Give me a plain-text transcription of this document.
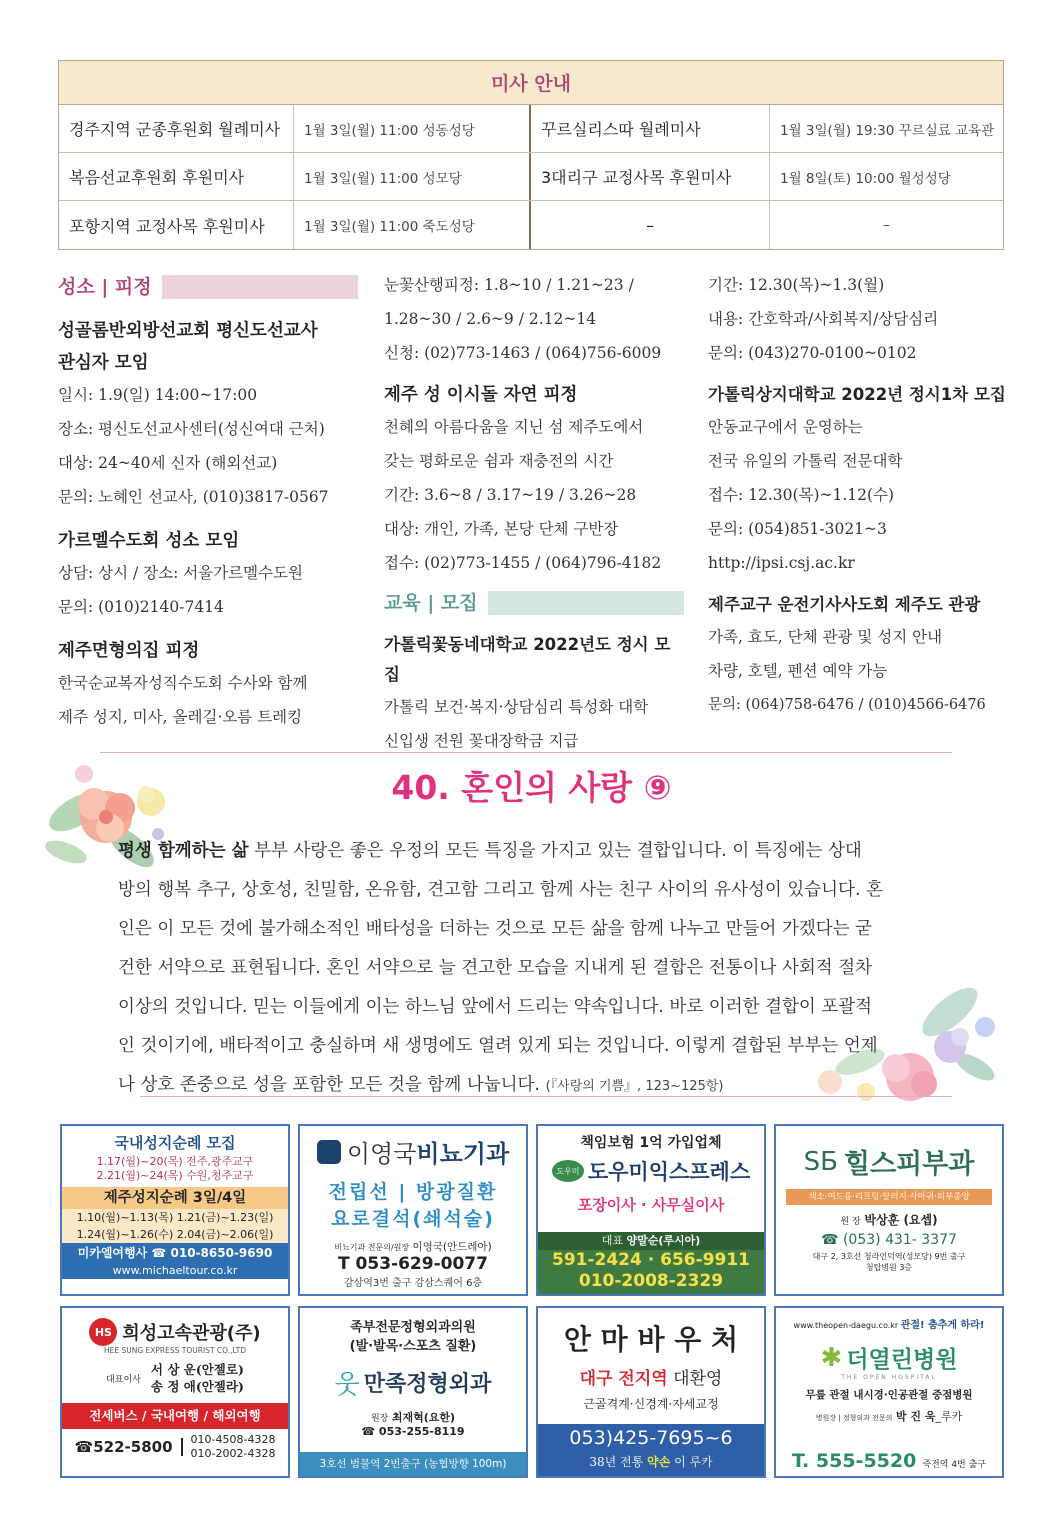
미사 안내
경주지역 군종후원회 월례미사	1월 3일(월) 11:00 성동성당	꾸르실리스따 월례미사	1월 3일(월) 19:30 꾸르실료 교육관
복음선교후원회 후원미사	1월 3일(월) 11:00 성모당	3대리구 교정사목 후원미사	1월 8일(토) 10:00 월성성당
포항지역 교정사목 후원미사	1월 3일(월) 11:00 죽도성당	–	–
성소 | 피정
성골롬반외방선교회 평신도선교사
관심자 모임
일시: 1.9(일) 14:00~17:00
장소: 평신도선교사센터(성신여대 근처)
대상: 24~40세 신자 (해외선교)
문의: 노혜인 선교사, (010)3817-0567
가르멜수도회 성소 모임
상담: 상시 / 장소: 서울가르멜수도원
문의: (010)2140-7414
제주면형의집 피정
한국순교복자성직수도회 수사와 함께
제주 성지, 미사, 올레길·오름 트레킹
눈꽃산행피정: 1.8~10 / 1.21~23 /
1.28~30 / 2.6~9 / 2.12~14
신청: (02)773-1463 / (064)756-6009
제주 성 이시돌 자연 피정
천혜의 아름다움을 지닌 섬 제주도에서
갖는 평화로운 쉼과 재충전의 시간
기간: 3.6~8 / 3.17~19 / 3.26~28
대상: 개인, 가족, 본당 단체 구반장
접수: (02)773-1455 / (064)796-4182
교육 | 모집
가톨릭꽃동네대학교 2022년도 정시 모집
가톨릭 보건·복지·상담심리 특성화 대학
신입생 전원 꽃대장학금 지급
기간: 12.30(목)~1.3(월)
내용: 간호학과/사회복지/상담심리
문의: (043)270-0100~0102
가톨릭상지대학교 2022년 정시1차 모집
안동교구에서 운영하는
전국 유일의 가톨릭 전문대학
접수: 12.30(목)~1.12(수)
문의: (054)851-3021~3
http://ipsi.csj.ac.kr
제주교구 운전기사사도회 제주도 관광
가족, 효도, 단체 관광 및 성지 안내
차량, 호텔, 펜션 예약 가능
문의: (064)758-6476 / (010)4566-6476
40. 혼인의 사랑 ⑨
평생 함께하는 삶 부부 사랑은 좋은 우정의 모든 특징을 가지고 있는 결합입니다. 이 특징에는 상대
방의 행복 추구, 상호성, 친밀함, 온유함, 견고함 그리고 함께 사는 친구 사이의 유사성이 있습니다. 혼
인은 이 모든 것에 불가해소적인 배타성을 더하는 것으로 모든 삶을 함께 나누고 만들어 가겠다는 굳
건한 서약으로 표현됩니다. 혼인 서약으로 늘 견고한 모습을 지내게 된 결합은 전통이나 사회적 절차
이상의 것입니다. 믿는 이들에게 이는 하느님 앞에서 드리는 약속입니다. 바로 이러한 결합이 포괄적
인 것이기에, 배타적이고 충실하며 새 생명에도 열려 있게 되는 것입니다. 이렇게 결합된 부부는 언제
나 상호 존중으로 성을 포함한 모든 것을 함께 나눕니다. (『사랑의 기쁨』, 123~125항)
국내성지순례 모집
1.17(월)~20(목) 전주,광주교구
2.21(월)~24(목) 수원,청주교구
제주성지순례 3일/4일
1.10(월)~1.13(목) 1.21(금)~1.23(일)
1.24(월)~1.26(수) 2.04(금)~2.06(일)
미카엘여행사 ☎ 010-8650-9690
www.michaeltour.co.kr
이영국 비뇨기과
전립선 | 방광질환
요로결석(쇄석술)
비뇨기과 전문의/원장 이영국(안드레아)
T 053-629-0077
감삼역3번 출구 감삼스퀘어 6층
책임보험 1억 가입업체
도우미 도우미익스프레스
포장이사 · 사무실이사
대표 양말순(루시아)
591-2424 · 656-9911
010-2008-2329
ЅБ 힐스피부과
색소·여드름·리프팅·알러지·사마귀·피부종양
원 장 박상훈 (요셉)
☎ (053) 431- 3377
대구 2, 3호선 청라언덕역(성모당) 9번 출구
청탑병원 3층
HS 희성고속관광(주)
HEE SUNG EXPRESS TOURIST CO.,LTD
대표이사
서 상 운(안젤로)
송 정 애(안젤라)
전세버스 / 국내여행 / 해외여행
☎522-5800	010-4508-4328
010-2002-4328
족부전문정형외과의원
(발·발목·스포츠 질환)
웃 만족정형외과
원장 최재혁(요한)
☎ 053-255-8119
3호선 범물역 2번출구 (농협방향 100m)
안 마 바 우 처
대구 전지역 대환영
근골격계·신경계·자세교정
053)425-7695~6
38년 전통 약손 이 루카
www.theopen-daegu.co.kr 관절! 춤추게 하라!
✱ 더열린병원
THE OPEN HOSPITAL
무릎 관절 내시경·인공관절 중점병원
병원장 | 정형외과 전문의 박 진 욱_루카
T. 555-5520 죽전역 4번 출구
